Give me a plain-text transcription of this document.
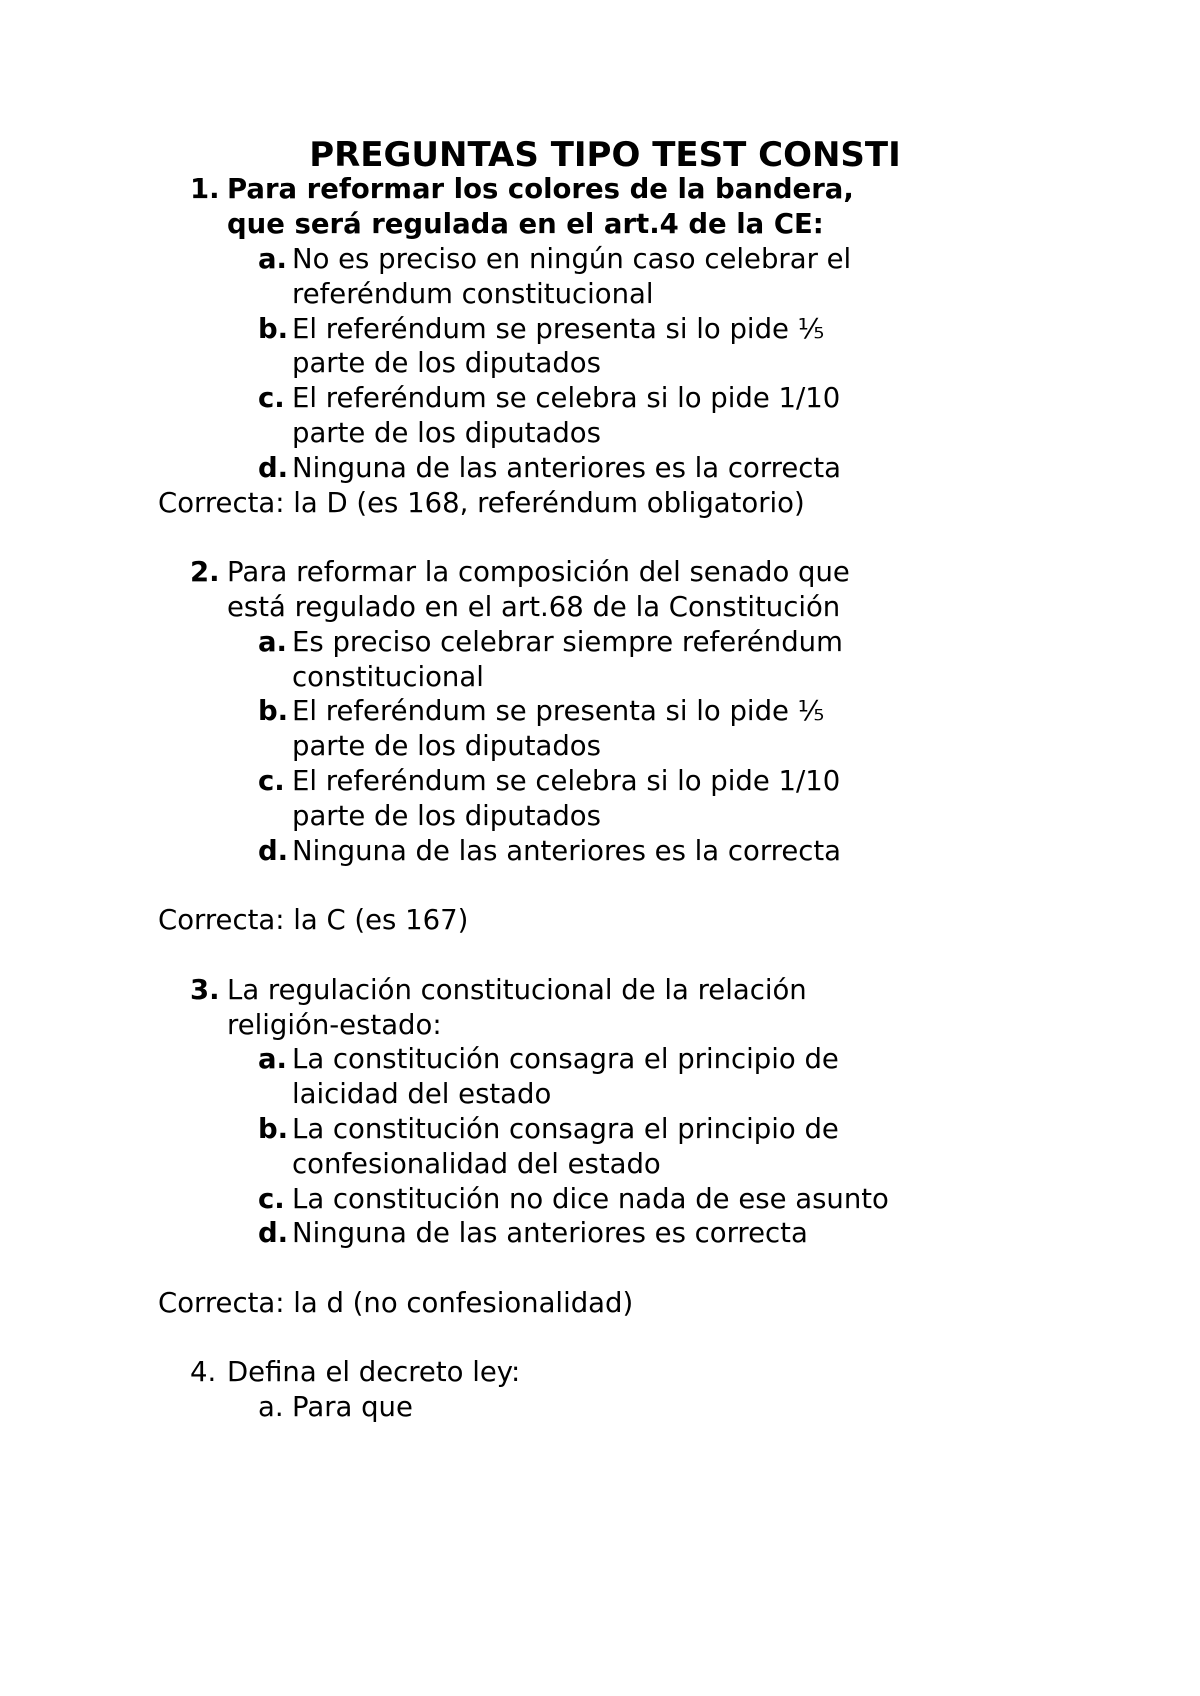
PREGUNTAS TIPO TEST CONSTI
1. Para reformar los colores de la bandera,
que será regulada en el art.4 de la CE:
a. No es preciso en ningún caso celebrar el
referéndum constitucional
b. El referéndum se presenta si lo pide ⅕
parte de los diputados
c. El referéndum se celebra si lo pide 1/10
parte de los diputados
d. Ninguna de las anteriores es la correcta
Correcta: la D (es 168, referéndum obligatorio)
2. Para reformar la composición del senado que
está regulado en el art.68 de la Constitución
a. Es preciso celebrar siempre referéndum
constitucional
b. El referéndum se presenta si lo pide ⅕
parte de los diputados
c. El referéndum se celebra si lo pide 1/10
parte de los diputados
d. Ninguna de las anteriores es la correcta
Correcta: la C (es 167)
3. La regulación constitucional de la relación
religión-estado:
a. La constitución consagra el principio de
laicidad del estado
b. La constitución consagra el principio de
confesionalidad del estado
c. La constitución no dice nada de ese asunto
d. Ninguna de las anteriores es correcta
Correcta: la d (no confesionalidad)
4. Defina el decreto ley:
a. Para que
